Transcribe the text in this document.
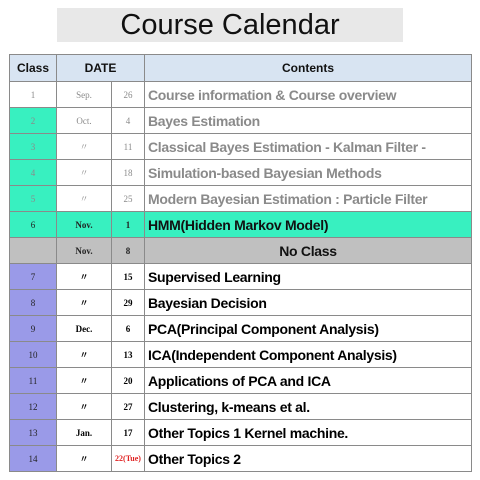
Course Calendar
Class	DATE		Contents
1	Sep.	26	Course information & Course overview
2	Oct.	4	Bayes Estimation
3	〃	11	Classical Bayes Estimation - Kalman Filter -
4	〃	18	Simulation-based Bayesian Methods
5	〃	25	Modern Bayesian Estimation : Particle Filter
6	Nov.	1	HMM(Hidden Markov Model)
	Nov.	8	No Class
7	〃	15	Supervised Learning
8	〃	29	Bayesian Decision
9	Dec.	6	PCA(Principal Component Analysis)
10	〃	13	ICA(Independent Component Analysis)
11	〃	20	Applications of PCA and ICA
12	〃	27	Clustering, k-means et al.
13	Jan.	17	Other Topics 1 Kernel machine.
14	〃	22(Tue)	Other Topics 2
